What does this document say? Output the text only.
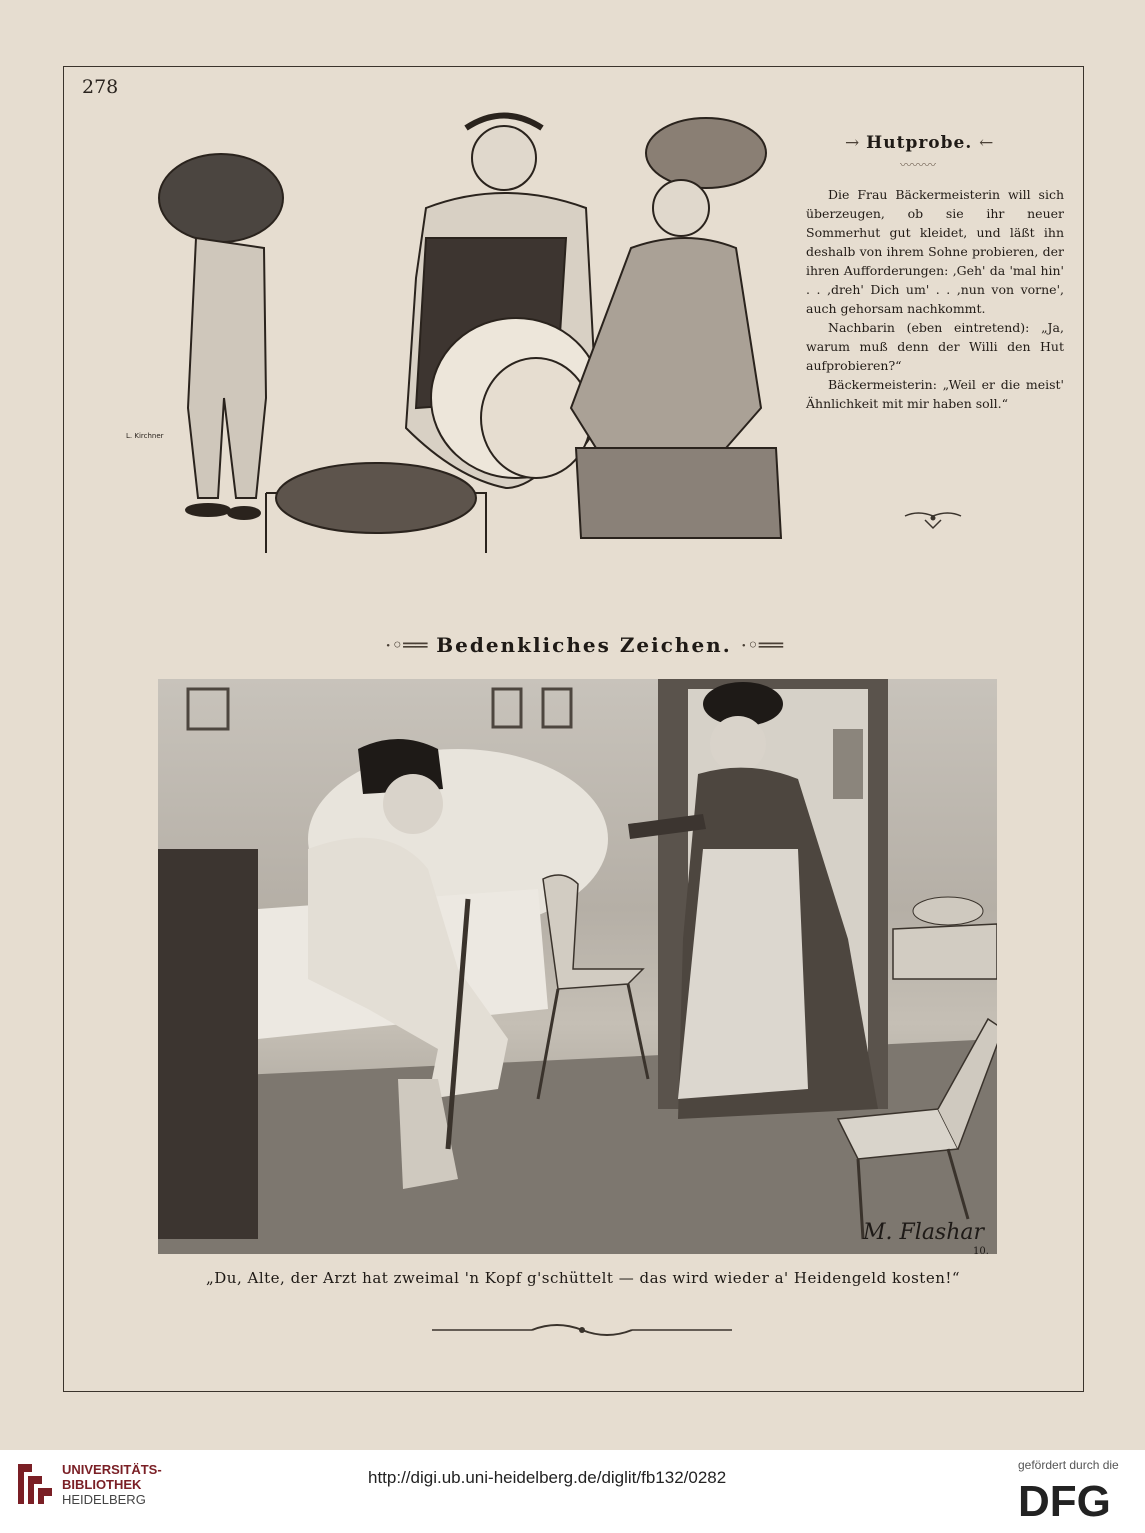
278
L. Kirchner
→ Hutprobe. ←
〰〰〰

Die Frau Bäckermeisterin will sich überzeugen, ob sie ihr neuer Sommerhut gut kleidet, und läßt ihn deshalb von ihrem Sohne probieren, der ihren Aufforderungen: ‚Geh' da 'mal hin' . . ‚dreh' Dich um' . . ‚nun von vorne', auch gehorsam nachkommt.

Nachbarin (eben eintretend): „Ja, warum muß denn der Willi den Hut aufprobieren?“

Bäckermeisterin: „Weil er die meist' Ähnlichkeit mit mir haben soll.“

·◦══ Bedenkliches Zeichen. ·◦══
M. Flashar
10.
„Du, Alte, der Arzt hat zweimal 'n Kopf g'schüttelt — das wird wieder a' Heidengeld kosten!“
UNIVERSITÄTS-
BIBLIOTHEK
HEIDELBERG
http://digi.ub.uni-heidelberg.de/diglit/fb132/0282
gefördert durch die
DFG
